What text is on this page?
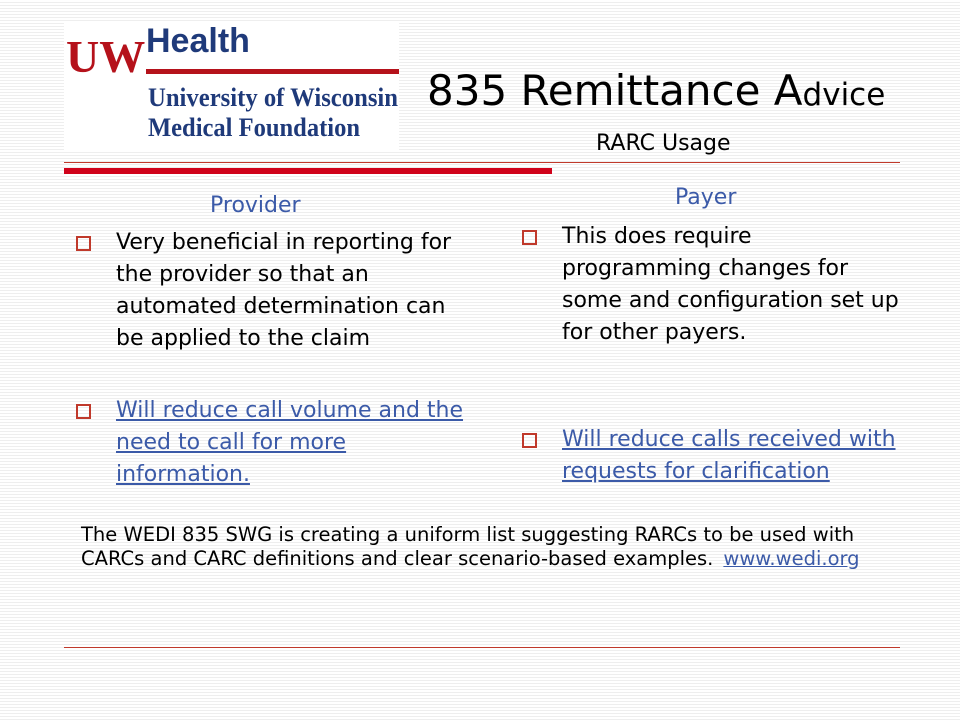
UW Health
University of Wisconsin
Medical Foundation
835 Remittance Advice
RARC Usage
Provider	Payer
Very beneficial in reporting for the provider so that an automated determination can be applied to the claim
Will reduce call volume and the need to call for more information.
This does require programming changes for some and configuration set up for other payers.
Will reduce calls received with requests for clarification
The WEDI 835 SWG is creating a uniform list suggesting RARCs to be used with CARCs and CARC definitions and clear scenario-based examples. www.wedi.org
